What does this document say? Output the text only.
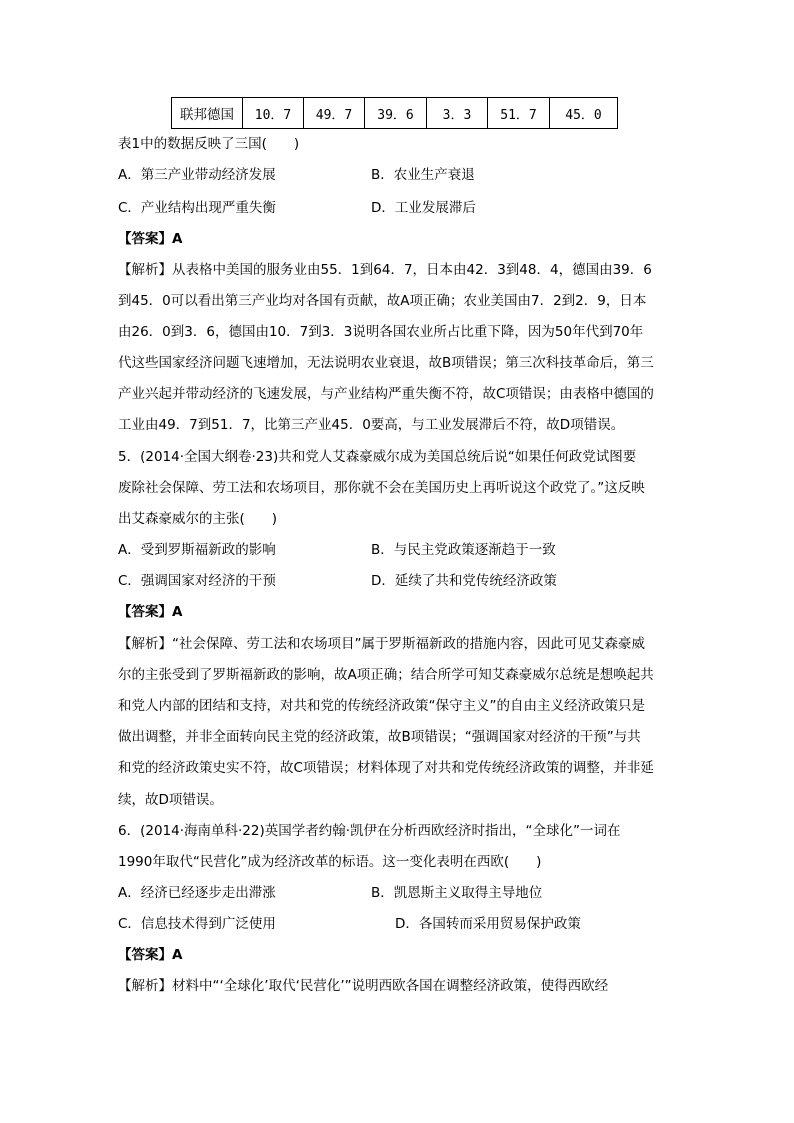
联邦德国	10．7	49．7	39．6	3．3	51．7	45．0
表1中的数据反映了三国(　　)
A．第三产业带动经济发展	B．农业生产衰退
C．产业结构出现严重失衡	D．工业发展滞后
【答案】A
【解析】从表格中美国的服务业由55．1到64．7，日本由42．3到48．4，德国由39．6
到45．0可以看出第三产业均对各国有贡献，故A项正确；农业美国由7．2到2．9，日本
由26．0到3．6，德国由10．7到3．3说明各国农业所占比重下降，因为50年代到70年
代这些国家经济问题飞速增加，无法说明农业衰退，故B项错误；第三次科技革命后，第三
产业兴起并带动经济的飞速发展，与产业结构严重失衡不符，故C项错误；由表格中德国的
工业由49．7到51．7，比第三产业45．0要高，与工业发展滞后不符，故D项错误。
5．(2014·全国大纲卷·23)共和党人艾森豪威尔成为美国总统后说“如果任何政党试图要
废除社会保障、劳工法和农场项目，那你就不会在美国历史上再听说这个政党了。”这反映
出艾森豪威尔的主张(　　)
A．受到罗斯福新政的影响	B．与民主党政策逐渐趋于一致
C．强调国家对经济的干预	D．延续了共和党传统经济政策
【答案】A
【解析】“社会保障、劳工法和农场项目”属于罗斯福新政的措施内容，因此可见艾森豪威
尔的主张受到了罗斯福新政的影响，故A项正确；结合所学可知艾森豪威尔总统是想唤起共
和党人内部的团结和支持，对共和党的传统经济政策“保守主义”的自由主义经济政策只是
做出调整，并非全面转向民主党的经济政策，故B项错误；“强调国家对经济的干预”与共
和党的经济政策史实不符，故C项错误；材料体现了对共和党传统经济政策的调整，并非延
续，故D项错误。
6．(2014·海南单科·22)英国学者约翰·凯伊在分析西欧经济时指出，“全球化”一词在
1990年取代“民营化”成为经济改革的标语。这一变化表明在西欧(　　)
A．经济已经逐步走出滞涨	B．凯恩斯主义取得主导地位
C．信息技术得到广泛使用	D．各国转而采用贸易保护政策
【答案】A
【解析】材料中“‘全球化’取代‘民营化’”说明西欧各国在调整经济政策，使得西欧经
